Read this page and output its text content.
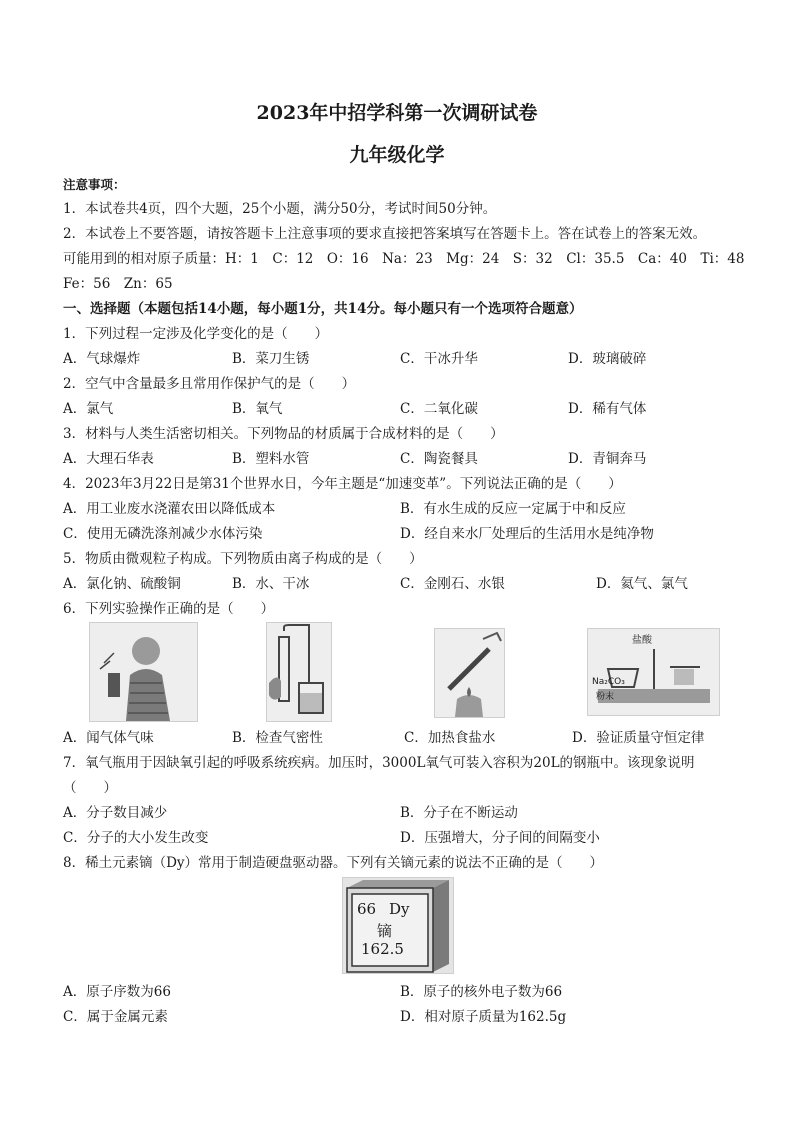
2023年中招学科第一次调研试卷
九年级化学
注意事项：
1．本试卷共4页，四个大题，25个小题，满分50分，考试时间50分钟。
2．本试卷上不要答题，请按答题卡上注意事项的要求直接把答案填写在答题卡上。答在试卷上的答案无效。
可能用到的相对原子质量：H：1　C：12　O：16　Na：23　Mg：24　S：32　Cl：35.5　Ca：40　Ti：48
Fe：56　Zn：65
一、选择题（本题包括14小题，每小题1分，共14分。每小题只有一个选项符合题意）
1．下列过程一定涉及化学变化的是（　　）
A．气球爆炸	B．菜刀生锈	C．干冰升华	D．玻璃破碎
2．空气中含量最多且常用作保护气的是（　　）
A．氯气	B．氧气	C．二氧化碳	D．稀有气体
3．材料与人类生活密切相关。下列物品的材质属于合成材料的是（　　）
A．大理石华表	B．塑料水管	C．陶瓷餐具	D．青铜奔马
4．2023年3月22日是第31个世界水日，今年主题是“加速变革”。下列说法正确的是（　　）
A．用工业废水浇灌农田以降低成本	B．有水生成的反应一定属于中和反应
C．使用无磷洗涤剂减少水体污染	D．经自来水厂处理后的生活用水是纯净物
5．物质由微观粒子构成。下列物质由离子构成的是（　　）
A．氯化钠、硫酸铜	B．水、干冰	C．金刚石、水银	D．氦气、氯气
6．下列实验操作正确的是（　　）
盐酸
Na₂CO₃
粉末
A．闻气体气味	B．检查气密性	C．加热食盐水	D．验证质量守恒定律
7．氧气瓶用于因缺氧引起的呼吸系统疾病。加压时，3000L氧气可装入容积为20L的钢瓶中。该现象说明
（　　）
A．分子数目减少	B．分子在不断运动
C．分子的大小发生改变	D．压强增大，分子间的间隔变小
8．稀土元素镝（Dy）常用于制造硬盘驱动器。下列有关镝元素的说法不正确的是（　　）
66 Dy
镝
162.5
A．原子序数为66	B．原子的核外电子数为66
C．属于金属元素	D．相对原子质量为162.5g
